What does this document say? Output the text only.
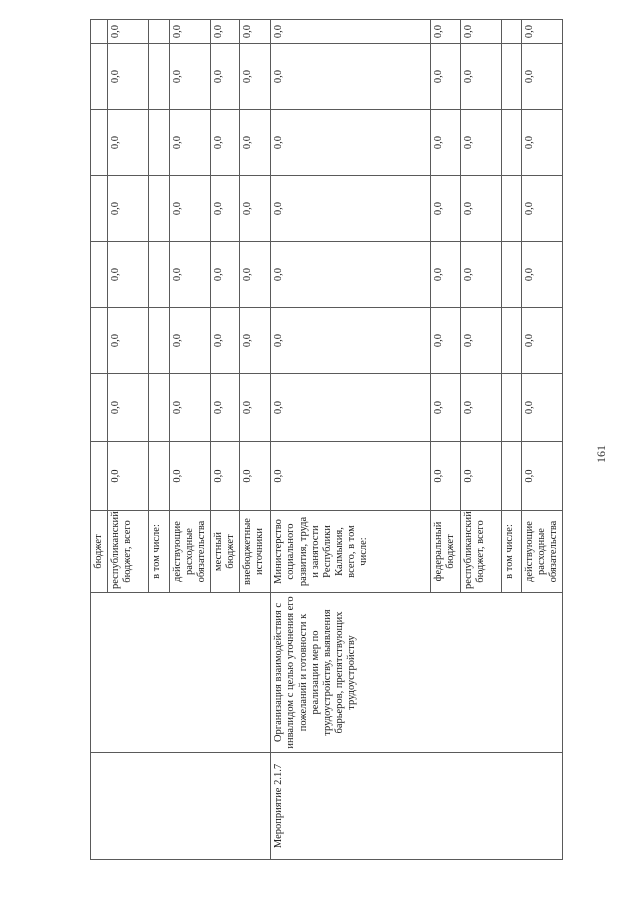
		бюджет									
		республиканский бюджет, всего	0,0	0,0	0,0	0,0	0,0	0,0	0,0	0,0	
		в том числе:									
		действующие расходные обязательства	0,0	0,0	0,0	0,0	0,0	0,0	0,0	0,0	
		местный бюджет	0,0	0,0	0,0	0,0	0,0	0,0	0,0	0,0	
		внебюджетные источники	0,0	0,0	0,0	0,0	0,0	0,0	0,0	0,0	
Мероприятие 2.1.7	Организация взаимодействия с инвалидом с целью уточнения его пожеланий и готовности к реализации мер по трудоустройству, выявления барьеров, препятствующих трудоустройству	Министерство социального развития, труда и занятости Республики Калмыкия, всего, в том числе:	0,0	0,0	0,0	0,0	0,0	0,0	0,0	0,0	
		федеральный бюджет	0,0	0,0	0,0	0,0	0,0	0,0	0,0	0,0	
		республиканский бюджет, всего	0,0	0,0	0,0	0,0	0,0	0,0	0,0	0,0	
		в том числе:									
		действующие расходные обязательства	0,0	0,0	0,0	0,0	0,0	0,0	0,0	0,0	
161
